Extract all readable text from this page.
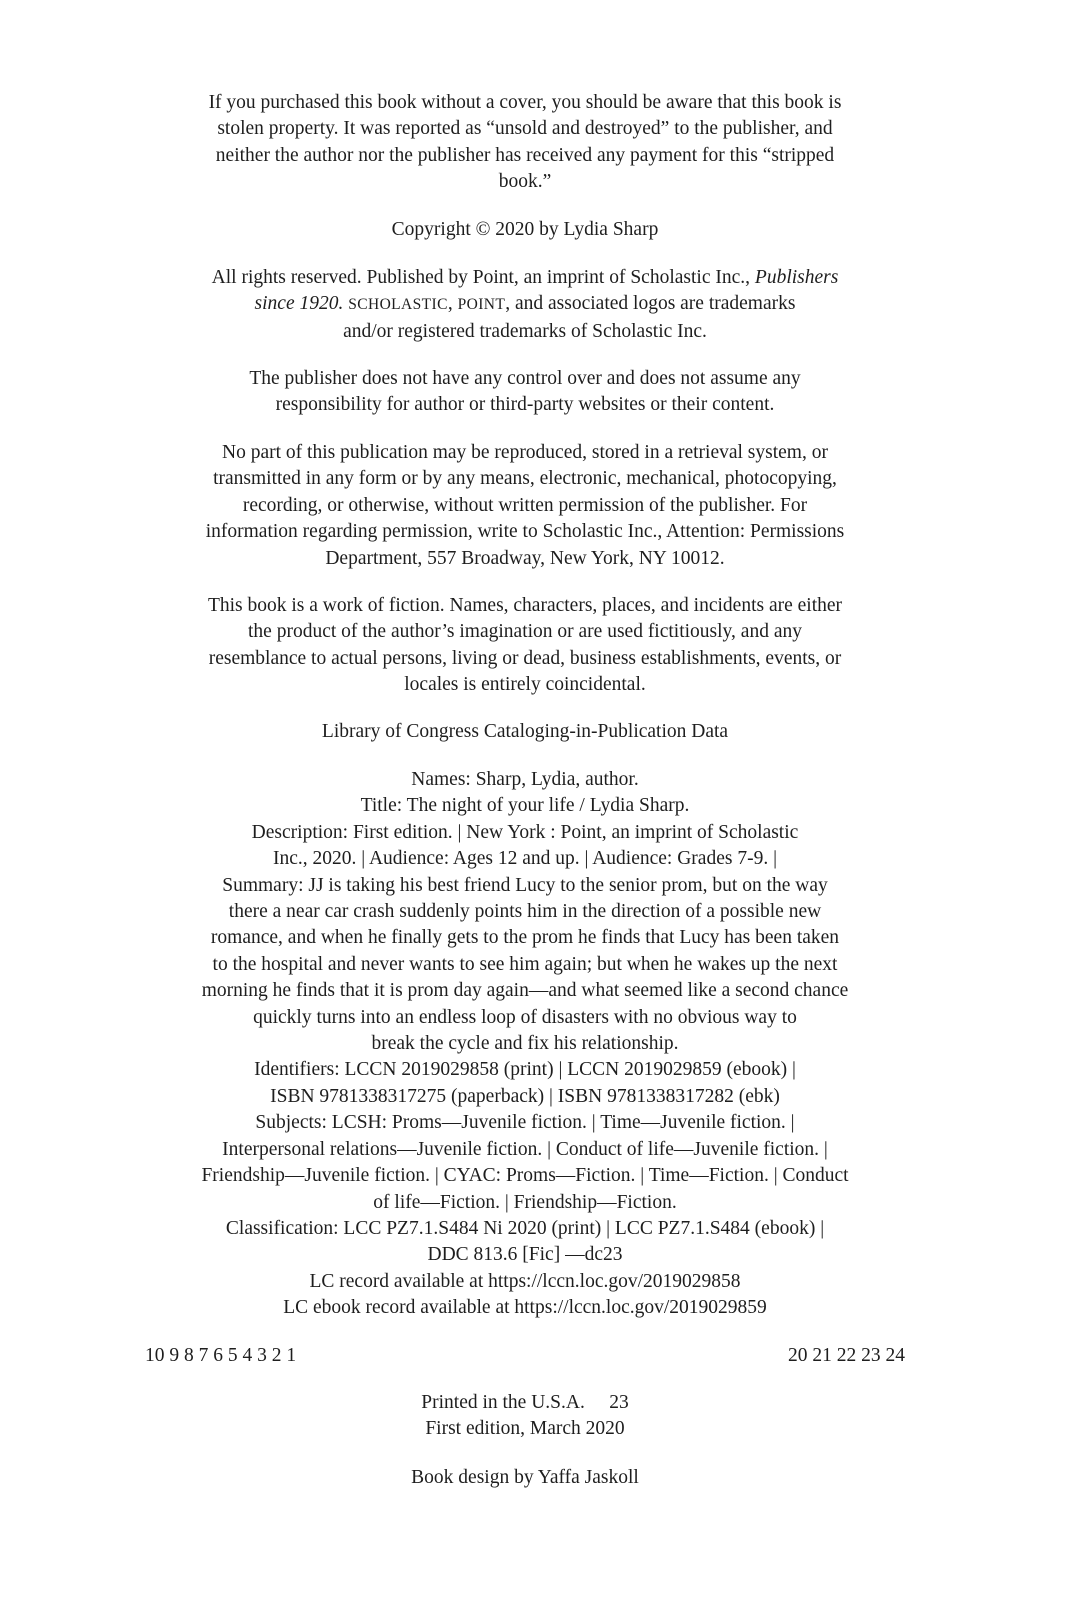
If you purchased this book without a cover, you should be aware that this book is
stolen property. It was reported as “unsold and destroyed” to the publisher, and
neither the author nor the publisher has received any payment for this “stripped
book.”
Copyright © 2020 by Lydia Sharp
All rights reserved. Published by Point, an imprint of Scholastic Inc., Publishers
since 1920. SCHOLASTIC, POINT, and associated logos are trademarks
and/or registered trademarks of Scholastic Inc.
The publisher does not have any control over and does not assume any
responsibility for author or third-party websites or their content.
No part of this publication may be reproduced, stored in a retrieval system, or
transmitted in any form or by any means, electronic, mechanical, photocopying,
recording, or otherwise, without written permission of the publisher. For
information regarding permission, write to Scholastic Inc., Attention: Permissions
Department, 557 Broadway, New York, NY 10012.
This book is a work of fiction. Names, characters, places, and incidents are either
the product of the author’s imagination or are used fictitiously, and any
resemblance to actual persons, living or dead, business establishments, events, or
locales is entirely coincidental.
Library of Congress Cataloging-in-Publication Data
Names: Sharp, Lydia, author.
Title: The night of your life / Lydia Sharp.
Description: First edition. | New York : Point, an imprint of Scholastic
Inc., 2020. | Audience: Ages 12 and up. | Audience: Grades 7-9. |
Summary: JJ is taking his best friend Lucy to the senior prom, but on the way
there a near car crash suddenly points him in the direction of a possible new
romance, and when he finally gets to the prom he finds that Lucy has been taken
to the hospital and never wants to see him again; but when he wakes up the next
morning he finds that it is prom day again—and what seemed like a second chance
quickly turns into an endless loop of disasters with no obvious way to
break the cycle and fix his relationship.
Identifiers: LCCN 2019029858 (print) | LCCN 2019029859 (ebook) |
ISBN 9781338317275 (paperback) | ISBN 9781338317282 (ebk)
Subjects: LCSH: Proms—Juvenile fiction. | Time—Juvenile fiction. |
Interpersonal relations—Juvenile fiction. | Conduct of life—Juvenile fiction. |
Friendship—Juvenile fiction. | CYAC: Proms—Fiction. | Time—Fiction. | Conduct
of life—Fiction. | Friendship—Fiction.
Classification: LCC PZ7.1.S484 Ni 2020 (print) | LCC PZ7.1.S484 (ebook) |
DDC 813.6 [Fic] —dc23
LC record available at https://lccn.loc.gov/2019029858
LC ebook record available at https://lccn.loc.gov/2019029859
10 9 8 7 6 5 4 3 2 1	20 21 22 23 24
Printed in the U.S.A.     23
First edition, March 2020
Book design by Yaffa Jaskoll
